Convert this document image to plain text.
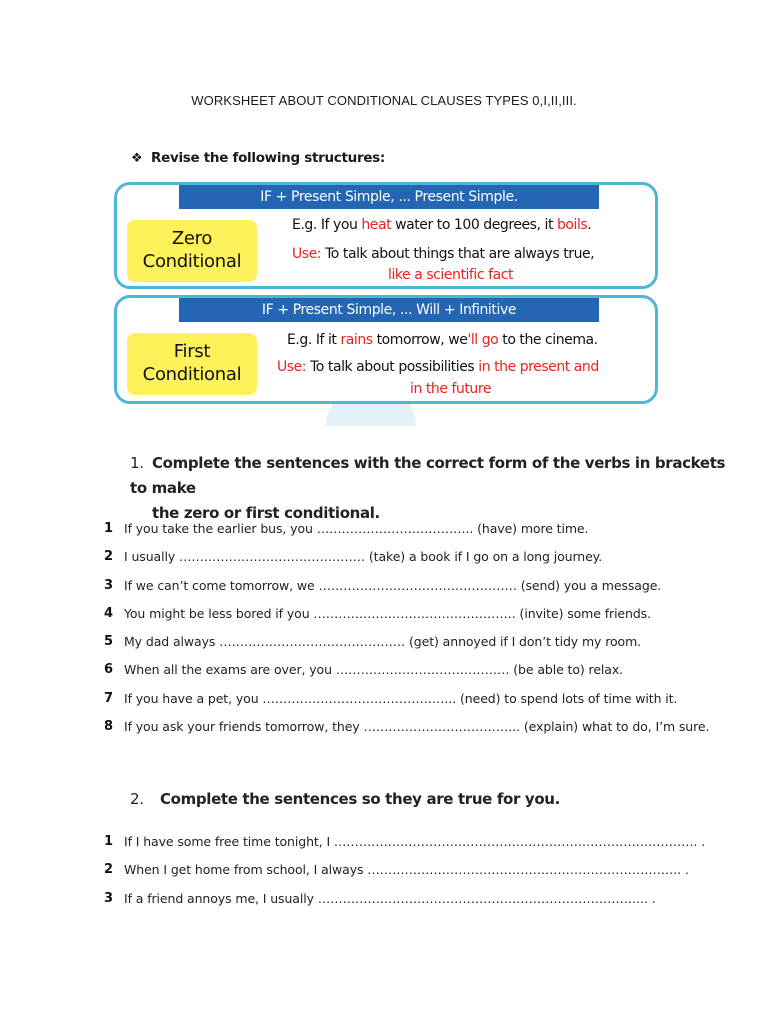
WORKSHEET ABOUT CONDITIONAL CLAUSES TYPES 0,I,II,III.
❖ Revise the following structures:
IF + Present Simple, ... Present Simple.
Zero
Conditional
E.g. If you heat water to 100 degrees, it boils.
Use: To talk about things that are always true,
like a scientific fact
IF + Present Simple, ... Will + Infinitive
First
Conditional
E.g. If it rains tomorrow, we'll go to the cinema.
Use: To talk about possibilities in the present and
in the future
1. Complete the sentences with the correct form of the verbs in brackets to make
the zero or first conditional.
1 If you take the earlier bus, you ……………………………….. (have) more time.
2 I usually ……………………………………… (take) a book if I go on a long journey.
3 If we can’t come tomorrow, we ………………………………………… (send) you a message.
4 You might be less bored if you …………………………………………. (invite) some friends.
5 My dad always ……………………………………… (get) annoyed if I don’t tidy my room.
6 When all the exams are over, you …………………………………… (be able to) relax.
7 If you have a pet, you ……………………………………….. (need) to spend lots of time with it.
8 If you ask your friends tomorrow, they ……………………………….. (explain) what to do, I’m sure.
2. Complete the sentences so they are true for you.
1 If I have some free time tonight, I ……………………………………………………………………………. .
2 When I get home from school, I always …………………………………………………………………. .
3 If a friend annoys me, I usually …………………………………………………………………….. .
